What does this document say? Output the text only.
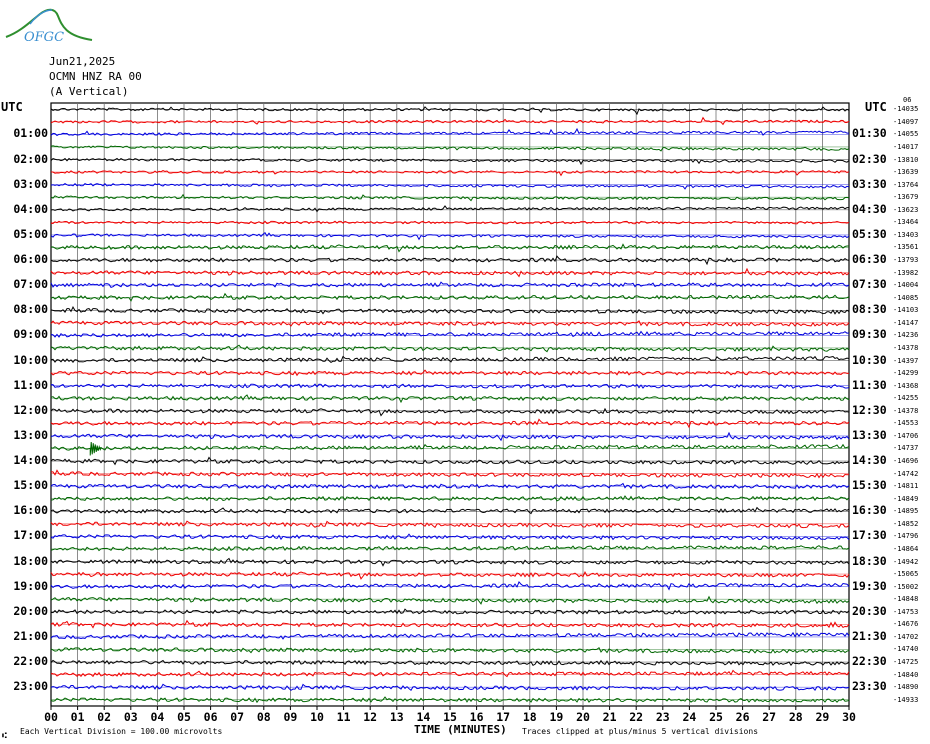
OFGC
Jun21,2025
OCMN HNZ RA 00
(A Vertical)
UTC	UTC 06
01:00
02:00
03:00
04:00
05:00
06:00
07:00
08:00
09:00
10:00
11:00
12:00
13:00
14:00
15:00
16:00
17:00
18:00
19:00
20:00
21:00
22:00
23:00
01:30
02:30
03:30
04:30
05:30
06:30
07:30
08:30
09:30
10:30
11:30
12:30
13:30
14:30
15:30
16:30
17:30
18:30
19:30
20:30
21:30
22:30
23:30
-14035
-14097
-14055
-14017
-13810
-13639
-13764
-13679
-13623
-13464
-13403
-13561
-13793
-13982
-14004
-14085
-14103
-14147
-14236
-14378
-14397
-14299
-14368
-14255
-14378
-14553
-14706
-14737
-14696
-14742
-14811
-14849
-14895
-14852
-14796
-14864
-14942
-15065
-15002
-14848
-14753
-14676
-14702
-14740
-14725
-14840
-14890
-14933
00 01 02 03 04 05 06 07 08 09 10 11 12 13 14 15 16 17 18 19 20 21 22 23 24 25 26 27 28 29 30
⑆ Each Vertical Division = 100.00 microvolts	TIME (MINUTES) Traces clipped at plus/minus 5 vertical divisions
